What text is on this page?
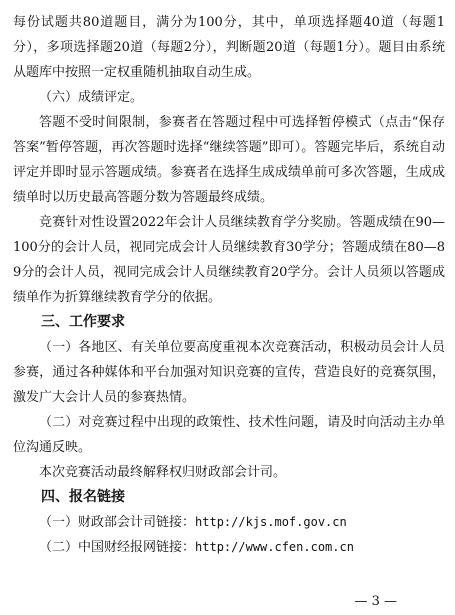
每份试题共80道题目，满分为100分，其中，单项选择题40道（每题1分），多项选择题20道（每题2分），判断题20道（每题1分）。题目由系统从题库中按照一定权重随机抽取自动生成。

（六）成绩评定。

答题不受时间限制，参赛者在答题过程中可选择暂停模式（点击“保存答案”暂停答题，再次答题时选择“继续答题”即可）。答题完毕后，系统自动评定并即时显示答题成绩。参赛者在选择生成成绩单前可多次答题，生成成绩单时以历史最高答题分数为答题最终成绩。

竞赛针对性设置2022年会计人员继续教育学分奖励。答题成绩在90—100分的会计人员，视同完成会计人员继续教育30学分；答题成绩在80—89分的会计人员，视同完成会计人员继续教育20学分。会计人员须以答题成绩单作为折算继续教育学分的依据。

三、工作要求

（一）各地区、有关单位要高度重视本次竞赛活动，积极动员会计人员参赛，通过各种媒体和平台加强对知识竞赛的宣传，营造良好的竞赛氛围，激发广大会计人员的参赛热情。

（二）对竞赛过程中出现的政策性、技术性问题，请及时向活动主办单位沟通反映。

本次竞赛活动最终解释权归财政部会计司。

四、报名链接

（一）财政部会计司链接：http://kjs.mof.gov.cn

（二）中国财经报网链接：http://www.cfen.com.cn

— 3 —
